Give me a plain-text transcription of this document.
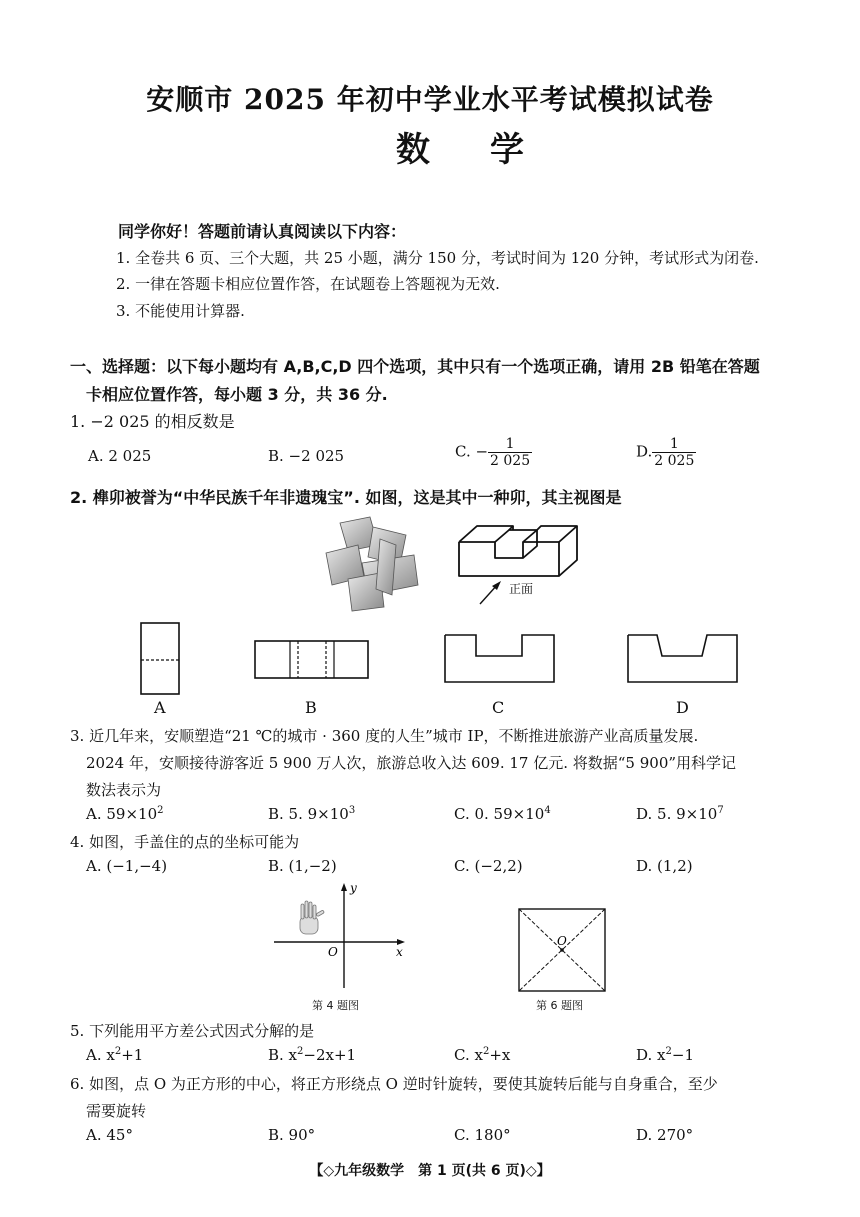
安顺市 2025 年初中学业水平考试模拟试卷
数学
同学你好！答题前请认真阅读以下内容：
1. 全卷共 6 页、三个大题，共 25 小题，满分 150 分，考试时间为 120 分钟，考试形式为闭卷.
2. 一律在答题卡相应位置作答，在试题卷上答题视为无效.
3. 不能使用计算器.
一、选择题：以下每小题均有 A,B,C,D 四个选项，其中只有一个选项正确，请用 2B 铅笔在答题
卡相应位置作答，每小题 3 分，共 36 分.
1. −2 025 的相反数是
A. 2 025	B. −2 025	C. − $\frac{1}{2 025}$	D. $\frac{1}{2 025}$
2. 榫卯被誉为“中华民族千年非遗瑰宝”. 如图，这是其中一种卯，其主视图是
正面
A	B	C	D
3. 近几年来，安顺塑造“21 ℃的城市 · 360 度的人生”城市 IP，不断推进旅游产业高质量发展.
2024 年，安顺接待游客近 5 900 万人次，旅游总收入达 609. 17 亿元. 将数据“5 900”用科学记
数法表示为
A. $59\times 10^2$	B. 5. $9\times 10^3$	C. 0. $59\times 10^4$	D. 5. $9\times 10^7$
4. 如图，手盖住的点的坐标可能为
A. (−1,−4)	B. (1,−2)	C. (−2,2)	D. (1,2)
y
x
O
第 4 题图
O
第 6 题图
5. 下列能用平方差公式因式分解的是
A. $x^2+1$	B. $x^2-2x+1$	C. $x^2+x$	D. $x^2-1$
6. 如图，点 O 为正方形的中心，将正方形绕点 O 逆时针旋转，要使其旋转后能与自身重合，至少
需要旋转
A. 45°	B. 90°	C. 180°	D. 270°
【◇九年级数学　第 1 页(共 6 页)◇】
